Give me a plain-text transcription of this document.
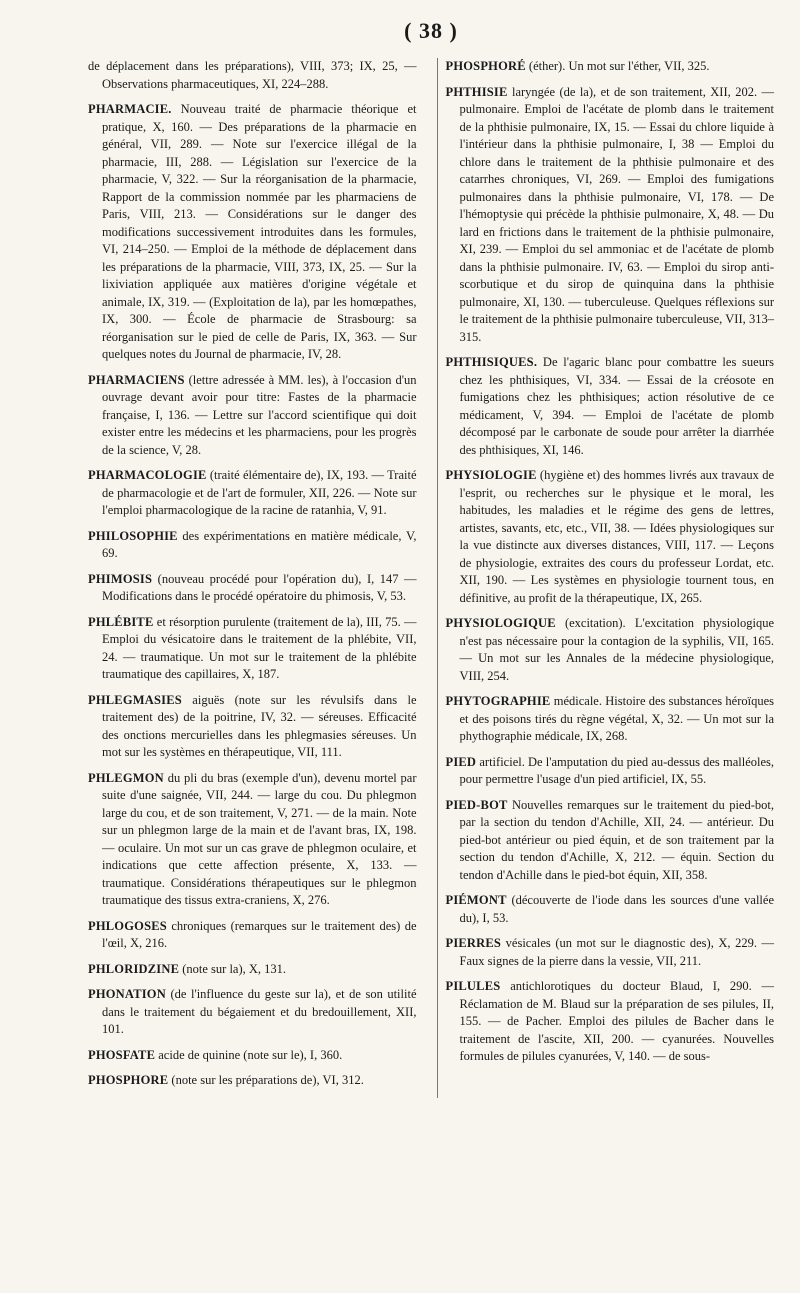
( 38 )

de déplacement dans les préparations), VIII, 373; IX, 25, — Observations pharmaceutiques, XI, 224–288.

PHARMACIE. Nouveau traité de pharmacie théorique et pratique, X, 160. — Des préparations de la pharmacie en général, VII, 289. — Note sur l'exercice illégal de la pharmacie, III, 288. — Législation sur l'exercice de la pharmacie, V, 322. — Sur la réorganisation de la pharmacie, Rapport de la commission nommée par les pharmaciens de Paris, VIII, 213. — Considérations sur le danger des modifications successivement introduites dans les formules, VI, 214–250. — Emploi de la méthode de déplacement dans les préparations de la pharmacie, VIII, 373, IX, 25. — Sur la lixiviation appliquée aux matières d'origine végétale et animale, IX, 319. — (Exploitation de la), par les homœpathes, IX, 300. — École de pharmacie de Strasbourg: sa réorganisation sur le pied de celle de Paris, IX, 363. — Sur quelques notes du Journal de pharmacie, IV, 28.

PHARMACIENS (lettre adressée à MM. les), à l'occasion d'un ouvrage devant avoir pour titre: Fastes de la pharmacie française, I, 136. — Lettre sur l'accord scientifique qui doit exister entre les médecins et les pharmaciens, pour les progrès de la science, V, 28.

PHARMACOLOGIE (traité élémentaire de), IX, 193. — Traité de pharmacologie et de l'art de formuler, XII, 226. — Note sur l'emploi pharmacologique de la racine de ratanhia, V, 91.

PHILOSOPHIE des expérimentations en matière médicale, V, 69.

PHIMOSIS (nouveau procédé pour l'opération du), I, 147 — Modifications dans le procédé opératoire du phimosis, V, 53.

PHLÉBITE et résorption purulente (traitement de la), III, 75. — Emploi du vésicatoire dans le traitement de la phlébite, VII, 24. — traumatique. Un mot sur le traitement de la phlébite traumatique des capillaires, X, 187.

PHLEGMASIES aiguës (note sur les révulsifs dans le traitement des) de la poitrine, IV, 32. — séreuses. Efficacité des onctions mercurielles dans les phlegmasies séreuses. Un mot sur les systèmes en thérapeutique, VII, 111.

PHLEGMON du pli du bras (exemple d'un), devenu mortel par suite d'une saignée, VII, 244. — large du cou. Du phlegmon large du cou, et de son traitement, V, 271. — de la main. Note sur un phlegmon large de la main et de l'avant bras, IX, 198. — oculaire. Un mot sur un cas grave de phlegmon oculaire, et indications que cette affection présente, X, 133. — traumatique. Considérations thérapeutiques sur le phlegmon traumatique des tissus extra-craniens, X, 276.

PHLOGOSES chroniques (remarques sur le traitement des) de l'œil, X, 216.

PHLORIDZINE (note sur la), X, 131.

PHONATION (de l'influence du geste sur la), et de son utilité dans le traitement du bégaiement et du bredouillement, XII, 101.

PHOSFATE acide de quinine (note sur le), I, 360.

PHOSPHORE (note sur les préparations de), VI, 312.

PHOSPHORÉ (éther). Un mot sur l'éther, VII, 325.

PHTHISIE laryngée (de la), et de son traitement, XII, 202. — pulmonaire. Emploi de l'acétate de plomb dans le traitement de la phthisie pulmonaire, IX, 15. — Essai du chlore liquide à l'intérieur dans la phthisie pulmonaire, I, 38 — Emploi du chlore dans le traitement de la phthisie pulmonaire et des catarrhes chroniques, VI, 269. — Emploi des fumigations pulmonaires dans la phthisie pulmonaire, VI, 178. — De l'hémoptysie qui précède la phthisie pulmonaire, X, 48. — Du lard en frictions dans le traitement de la phthisie pulmonaire, XI, 239. — Emploi du sel ammoniac et de l'acétate de plomb dans la phthisie pulmonaire. IV, 63. — Emploi du sirop anti-scorbutique et du sirop de quinquina dans la phthisie pulmonaire, XI, 130. — tuberculeuse. Quelques réflexions sur le traitement de la phthisie pulmonaire tuberculeuse, VII, 313–315.

PHTHISIQUES. De l'agaric blanc pour combattre les sueurs chez les phthisiques, VI, 334. — Essai de la créosote en fumigations chez les phthisiques; action résolutive de ce médicament, V, 394. — Emploi de l'acétate de plomb décomposé par le carbonate de soude pour arrêter la diarrhée des phthisiques, XI, 146.

PHYSIOLOGIE (hygiène et) des hommes livrés aux travaux de l'esprit, ou recherches sur le physique et le moral, les habitudes, les maladies et le régime des gens de lettres, artistes, savants, etc, etc., VII, 38. — Idées physiologiques sur la vue distincte aux diverses distances, VIII, 117. — Leçons de physiologie, extraites des cours du professeur Lordat, etc. XII, 190. — Les systèmes en physiologie tournent tous, en définitive, au profit de la thérapeutique, IX, 265.

PHYSIOLOGIQUE (excitation). L'excitation physiologique n'est pas nécessaire pour la contagion de la syphilis, VII, 165. — Un mot sur les Annales de la médecine physiologique, VIII, 254.

PHYTOGRAPHIE médicale. Histoire des substances héroïques et des poisons tirés du règne végétal, X, 32. — Un mot sur la phythographie médicale, IX, 268.

PIED artificiel. De l'amputation du pied au-dessus des malléoles, pour permettre l'usage d'un pied artificiel, IX, 55.

PIED-BOT Nouvelles remarques sur le traitement du pied-bot, par la section du tendon d'Achille, XII, 24. — antérieur. Du pied-bot antérieur ou pied équin, et de son traitement par la section du tendon d'Achille, X, 212. — équin. Section du tendon d'Achille dans le pied-bot équin, XII, 358.

PIÉMONT (découverte de l'iode dans les sources d'une vallée du), I, 53.

PIERRES vésicales (un mot sur le diagnostic des), X, 229. — Faux signes de la pierre dans la vessie, VII, 211.

PILULES antichlorotiques du docteur Blaud, I, 290. — Réclamation de M. Blaud sur la préparation de ses pilules, II, 155. — de Pacher. Emploi des pilules de Bacher dans le traitement de l'ascite, XII, 200. — cyanurées. Nouvelles formules de pilules cyanurées, V, 140. — de sous-
